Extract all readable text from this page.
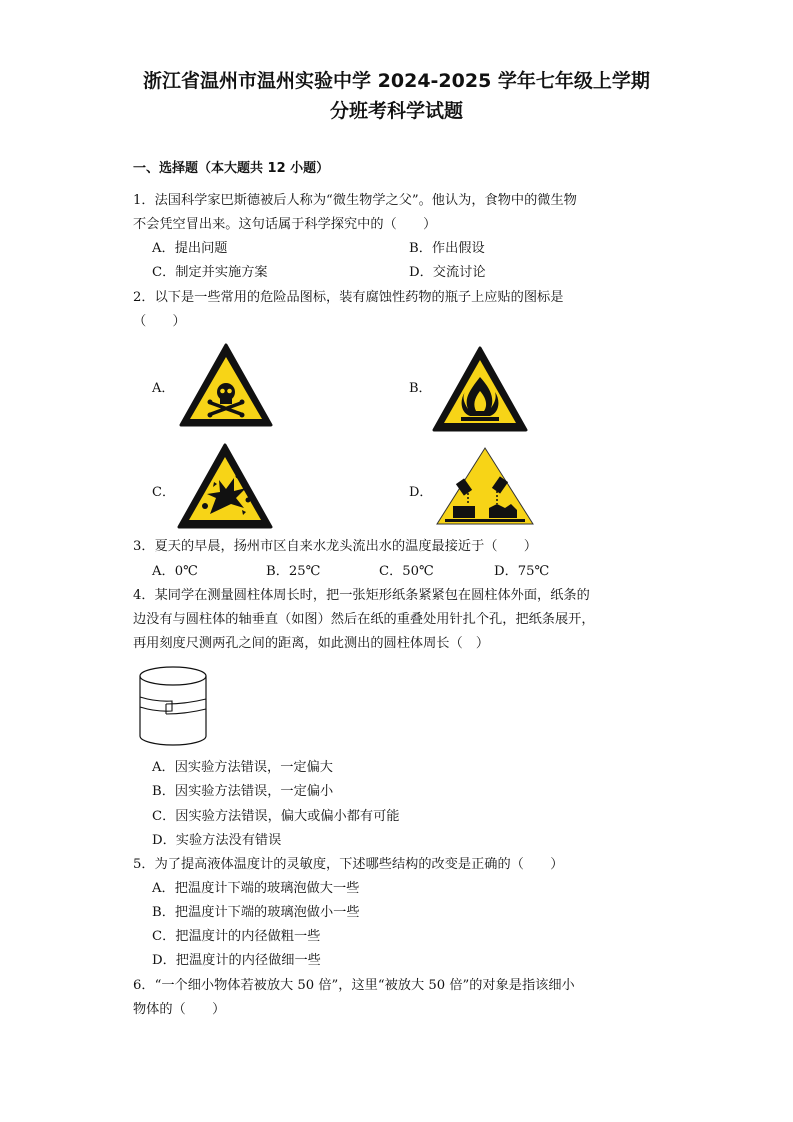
浙江省温州市温州实验中学 2024-2025 学年七年级上学期
分班考科学试题
一、选择题（本大题共 12 小题）
1．法国科学家巴斯德被后人称为“微生物学之父”。他认为，食物中的微生物
不会凭空冒出来。这句话属于科学探究中的（　　）
A．提出问题	B．作出假设
C．制定并实施方案	D．交流讨论
2．以下是一些常用的危险品图标，装有腐蚀性药物的瓶子上应贴的图标是
（　　）
A．	B．
C．	D．
3．夏天的早晨，扬州市区自来水龙头流出水的温度最接近于（　　）
A．0℃	B．25℃	C．50℃	D．75℃
4．某同学在测量圆柱体周长时，把一张矩形纸条紧紧包在圆柱体外面，纸条的
边没有与圆柱体的轴垂直（如图）然后在纸的重叠处用针扎个孔，把纸条展开，
再用刻度尺测两孔之间的距离，如此测出的圆柱体周长（　）
A．因实验方法错误，一定偏大
B．因实验方法错误，一定偏小
C．因实验方法错误，偏大或偏小都有可能
D．实验方法没有错误
5．为了提高液体温度计的灵敏度，下述哪些结构的改变是正确的（　　）
A．把温度计下端的玻璃泡做大一些
B．把温度计下端的玻璃泡做小一些
C．把温度计的内径做粗一些
D．把温度计的内径做细一些
6．“一个细小物体若被放大 50 倍”，这里“被放大 50 倍”的对象是指该细小
物体的（　　）
